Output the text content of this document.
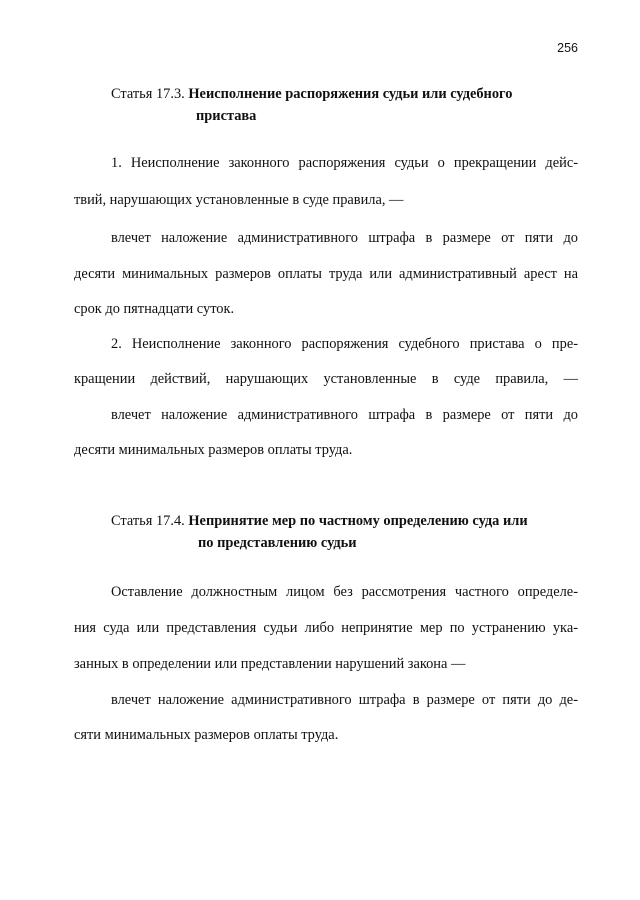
256
Статья 17.3. Неисполнение распоряжения судьи или судебного
пристава
1. Неисполнение законного распоряжения судьи о прекращении дейс-
твий, нарушающих установленные в суде правила, —
влечет наложение административного штрафа в размере от пяти до
десяти минимальных размеров оплаты труда или административный арест на
срок до пятнадцати суток.
2. Неисполнение законного распоряжения судебного пристава о пре-
кращении действий, нарушающих установленные в суде правила, —
влечет наложение административного штрафа в размере от пяти до
десяти минимальных размеров оплаты труда.
Статья 17.4. Непринятие мер по частному определению суда или
по представлению судьи
Оставление должностным лицом без рассмотрения частного определе-
ния суда или представления судьи либо непринятие мер по устранению ука-
занных в определении или представлении нарушений закона —
влечет наложение административного штрафа в размере от пяти до де-
сяти минимальных размеров оплаты труда.
